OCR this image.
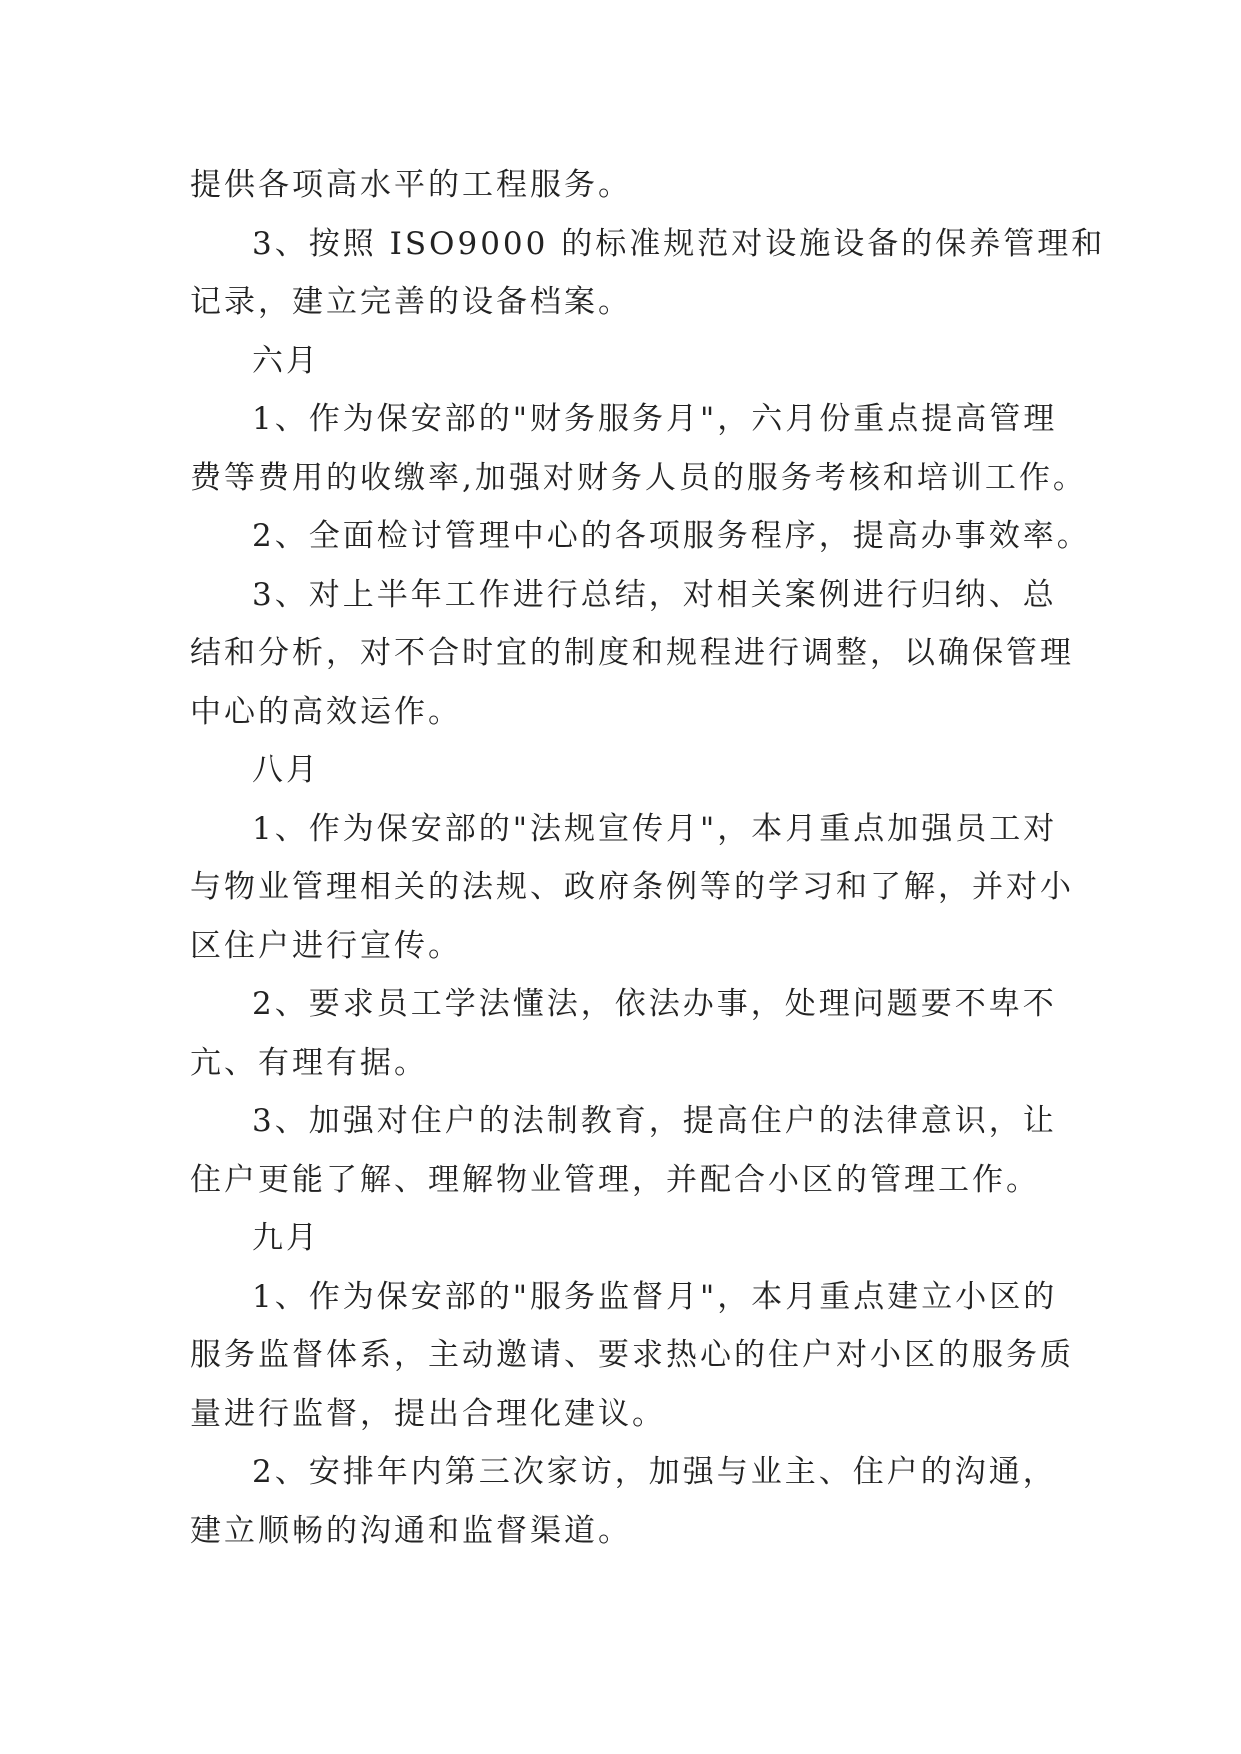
提供各项高水平的工程服务。
3、按照 ISO9000 的标准规范对设施设备的保养管理和
记录，建立完善的设备档案。
六月
1、作为保安部的"财务服务月"，六月份重点提高管理
费等费用的收缴率,加强对财务人员的服务考核和培训工作。
2、全面检讨管理中心的各项服务程序，提高办事效率。
3、对上半年工作进行总结，对相关案例进行归纳、总
结和分析，对不合时宜的制度和规程进行调整，以确保管理
中心的高效运作。
八月
1、作为保安部的"法规宣传月"，本月重点加强员工对
与物业管理相关的法规、政府条例等的学习和了解，并对小
区住户进行宣传。
2、要求员工学法懂法，依法办事，处理问题要不卑不
亢、有理有据。
3、加强对住户的法制教育，提高住户的法律意识，让
住户更能了解、理解物业管理，并配合小区的管理工作。
九月
1、作为保安部的"服务监督月"，本月重点建立小区的
服务监督体系，主动邀请、要求热心的住户对小区的服务质
量进行监督，提出合理化建议。
2、安排年内第三次家访，加强与业主、住户的沟通，
建立顺畅的沟通和监督渠道。
